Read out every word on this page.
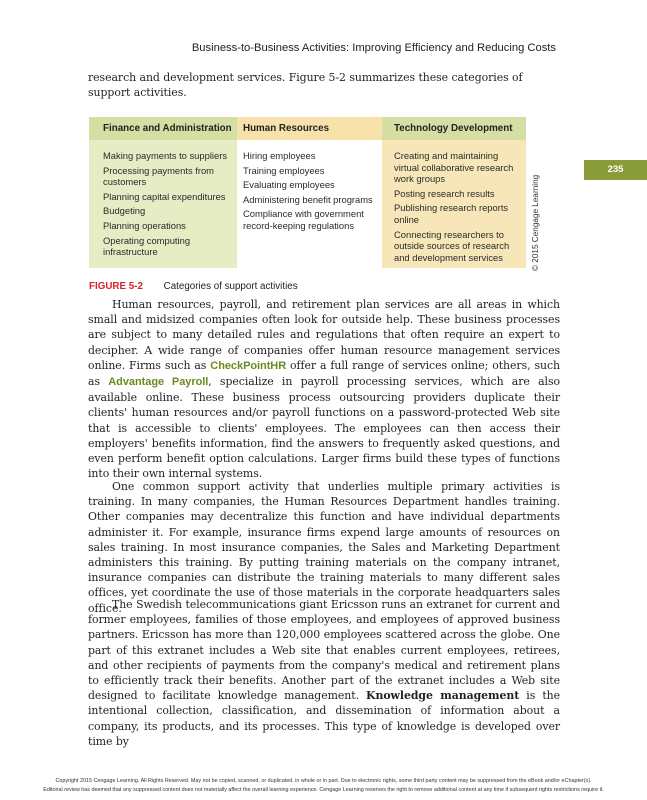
Business-to-Business Activities: Improving Efficiency and Reducing Costs

research and development services. Figure 5-2 summarizes these categories of support activities.

Finance and Administration
Making payments to suppliers
Processing payments from customers
Planning capital expenditures
Budgeting
Planning operations
Operating computing infrastructure
Human Resources
Hiring employees
Training employees
Evaluating employees
Administering benefit programs
Compliance with government record-keeping regulations
Technology Development
Creating and maintaining virtual collaborative research work groups
Posting research results
Publishing research reports online
Connecting researchers to outside sources of research and development services	© 2015 Cengage Learning
235
FIGURE 5-2 Categories of support activities

Human resources, payroll, and retirement plan services are all areas in which small and midsized companies often look for outside help. These business processes are subject to many detailed rules and regulations that often require an expert to decipher. A wide range of companies offer human resource management services online. Firms such as CheckPointHR offer a full range of services online; others, such as Advantage Payroll, specialize in payroll processing services, which are also available online. These business process outsourcing providers duplicate their clients' human resources and/or payroll functions on a password-protected Web site that is accessible to clients' employees. The employees can then access their employers' benefits information, find the answers to frequently asked questions, and even perform benefit option calculations. Larger firms build these types of functions into their own internal systems.

One common support activity that underlies multiple primary activities is training. In many companies, the Human Resources Department handles training. Other companies may decentralize this function and have individual departments administer it. For example, insurance firms expend large amounts of resources on sales training. In most insurance companies, the Sales and Marketing Department administers this training. By putting training materials on the company intranet, insurance companies can distribute the training materials to many different sales offices, yet coordinate the use of those materials in the corporate headquarters sales office.

The Swedish telecommunications giant Ericsson runs an extranet for current and former employees, families of those employees, and employees of approved business partners. Ericsson has more than 120,000 employees scattered across the globe. One part of this extranet includes a Web site that enables current employees, retirees, and other recipients of payments from the company's medical and retirement plans to efficiently track their benefits. Another part of the extranet includes a Web site designed to facilitate knowledge management. Knowledge management is the intentional collection, classification, and dissemination of information about a company, its products, and its processes. This type of knowledge is developed over time by

Copyright 2015 Cengage Learning. All Rights Reserved. May not be copied, scanned, or duplicated, in whole or in part. Due to electronic rights, some third party content may be suppressed from the eBook and/or eChapter(s).
Editorial review has deemed that any suppressed content does not materially affect the overall learning experience. Cengage Learning reserves the right to remove additional content at any time if subsequent rights restrictions require it.
